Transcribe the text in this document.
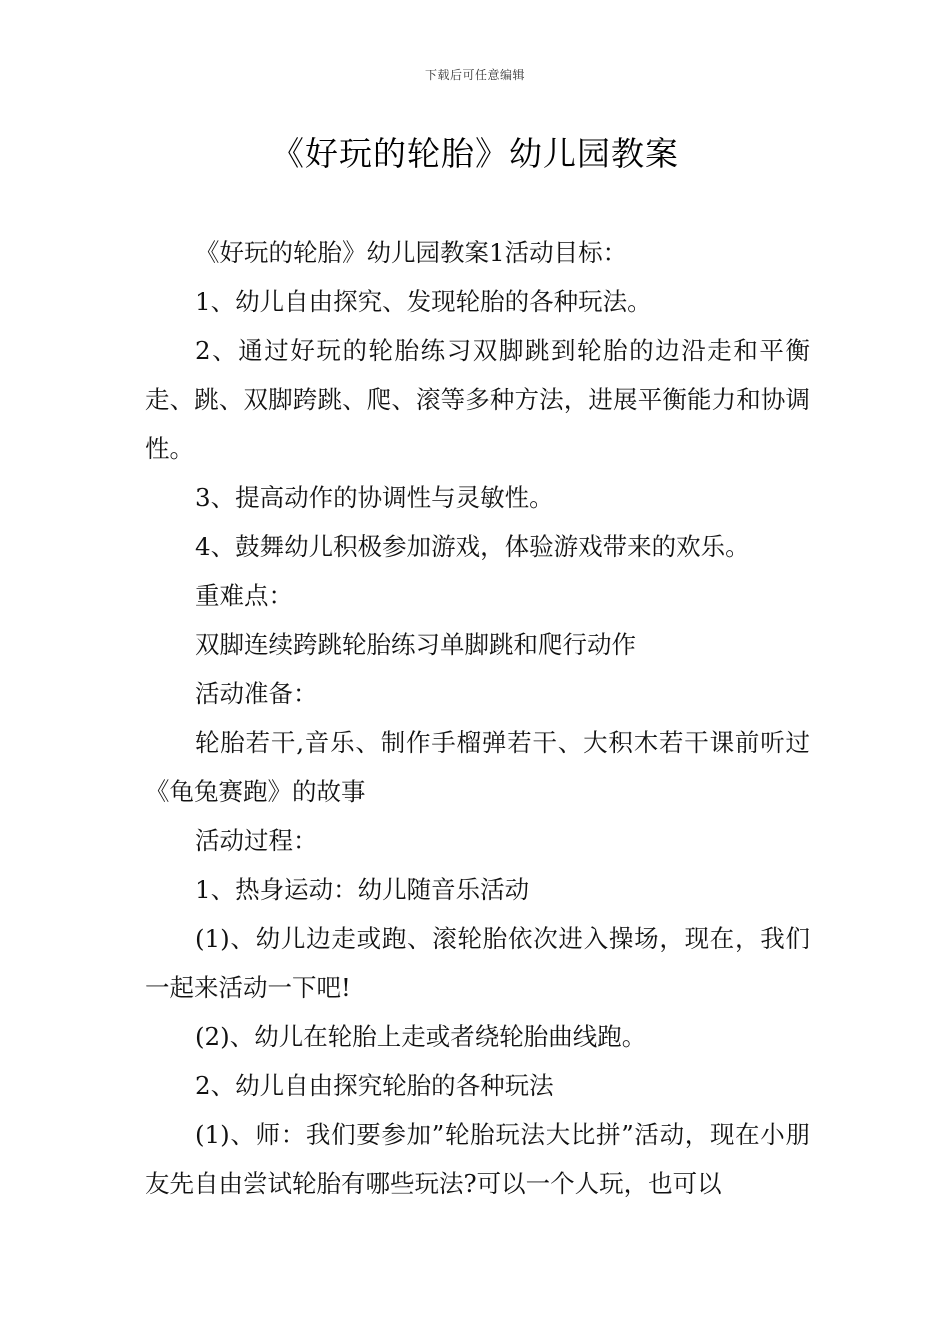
下载后可任意编辑
《好玩的轮胎》幼儿园教案

《好玩的轮胎》幼儿园教案1活动目标：

1、幼儿自由探究、发现轮胎的各种玩法。

2、通过好玩的轮胎练习双脚跳到轮胎的边沿走和平衡走、跳、双脚跨跳、爬、滚等多种方法，进展平衡能力和协调性。

3、提高动作的协调性与灵敏性。

4、鼓舞幼儿积极参加游戏，体验游戏带来的欢乐。

重难点：

双脚连续跨跳轮胎练习单脚跳和爬行动作

活动准备：

轮胎若干,音乐、制作手榴弹若干、大积木若干课前听过《龟兔赛跑》的故事

活动过程：

1、热身运动：幼儿随音乐活动

(1)、幼儿边走或跑、滚轮胎依次进入操场，现在，我们一起来活动一下吧!

(2)、幼儿在轮胎上走或者绕轮胎曲线跑。

2、幼儿自由探究轮胎的各种玩法

(1)、师：我们要参加”轮胎玩法大比拼”活动，现在小朋友先自由尝试轮胎有哪些玩法?可以一个人玩，也可以
